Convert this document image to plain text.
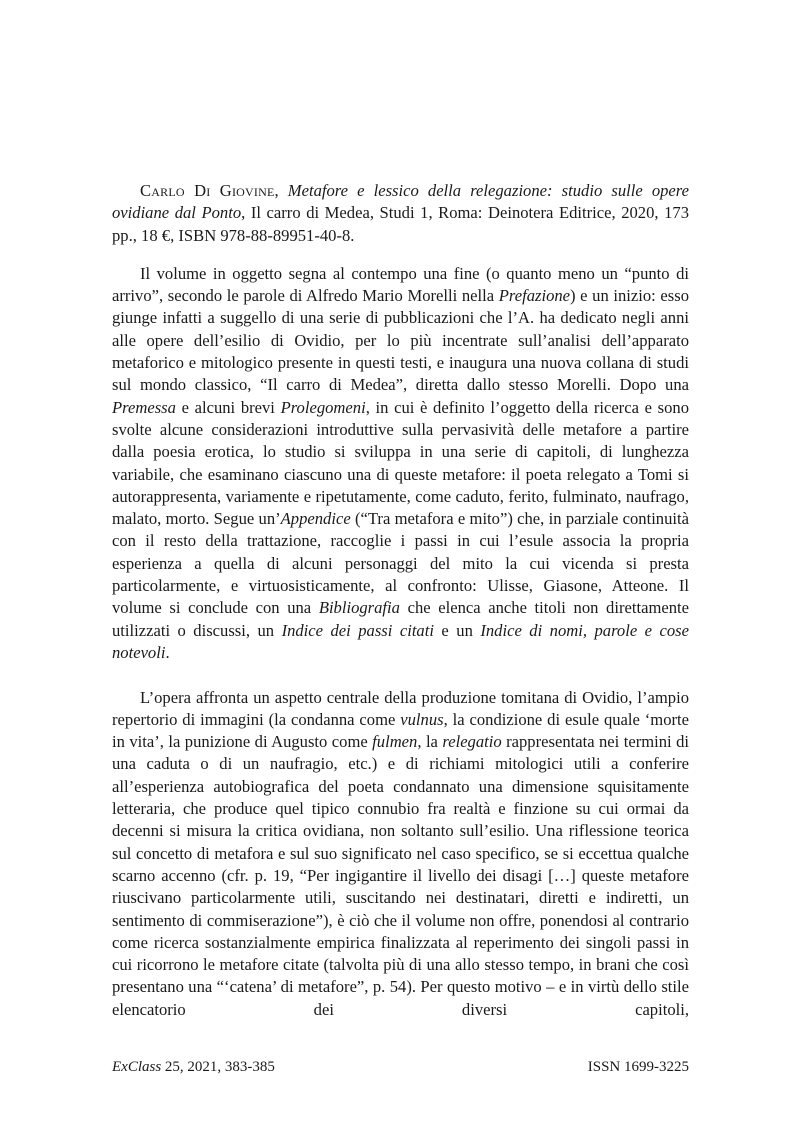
Carlo Di Giovine, Metafore e lessico della relegazione: studio sulle opere ovidiane dal Ponto, Il carro di Medea, Studi 1, Roma: Deinotera Editrice, 2020, 173 pp., 18 €, ISBN 978-88-89951-40-8.

Il volume in oggetto segna al contempo una fine (o quanto meno un “punto di arrivo”, secondo le parole di Alfredo Mario Morelli nella Prefazione) e un inizio: esso giunge infatti a suggello di una serie di pubblicazioni che l’A. ha dedicato negli anni alle opere dell’esilio di Ovidio, per lo più incentrate sull’analisi dell’apparato metaforico e mitologico presente in questi testi, e inaugura una nuova collana di studi sul mondo classico, “Il carro di Medea”, diretta dallo stesso Morelli. Dopo una Premessa e alcuni brevi Prolegomeni, in cui è definito l’oggetto della ricerca e sono svolte alcune considerazioni introduttive sulla pervasività delle metafore a partire dalla poesia erotica, lo studio si sviluppa in una serie di capitoli, di lunghezza variabile, che esaminano ciascuno una di queste metafore: il poeta relegato a Tomi si autorappresenta, variamente e ripetutamente, come caduto, ferito, fulminato, naufrago, malato, morto. Segue un’Appendice (“Tra metafora e mito”) che, in parziale continuità con il resto della trattazione, raccoglie i passi in cui l’esule associa la propria esperienza a quella di alcuni personaggi del mito la cui vicenda si presta particolarmente, e virtuosisticamente, al confronto: Ulisse, Giasone, Atteone. Il volume si conclude con una Bibliografia che elenca anche titoli non direttamente utilizzati o discussi, un Indice dei passi citati e un Indice di nomi, parole e cose notevoli.

L’opera affronta un aspetto centrale della produzione tomitana di Ovidio, l’ampio repertorio di immagini (la condanna come vulnus, la condizione di esule quale ‘morte in vita’, la punizione di Augusto come fulmen, la relegatio rappresentata nei termini di una caduta o di un naufragio, etc.) e di richiami mitologici utili a conferire all’esperienza autobiografica del poeta condannato una dimensione squisitamente letteraria, che produce quel tipico connubio fra realtà e finzione su cui ormai da decenni si misura la critica ovidiana, non soltanto sull’esilio. Una riflessione teorica sul concetto di metafora e sul suo significato nel caso specifico, se si eccettua qualche scarno accenno (cfr. p. 19, “Per ingigantire il livello dei disagi […] queste metafore riuscivano particolarmente utili, suscitando nei destinatari, diretti e indiretti, un sentimento di commiserazione”), è ciò che il volume non offre, ponendosi al contrario come ricerca sostanzialmente empirica finalizzata al reperimento dei singoli passi in cui ricorrono le metafore citate (talvolta più di una allo stesso tempo, in brani che così presentano una “‘catena’ di metafore”, p. 54). Per questo motivo – e in virtù dello stile elencatorio dei diversi capitoli,

ExClass 25, 2021, 383-385	ISSN 1699-3225
